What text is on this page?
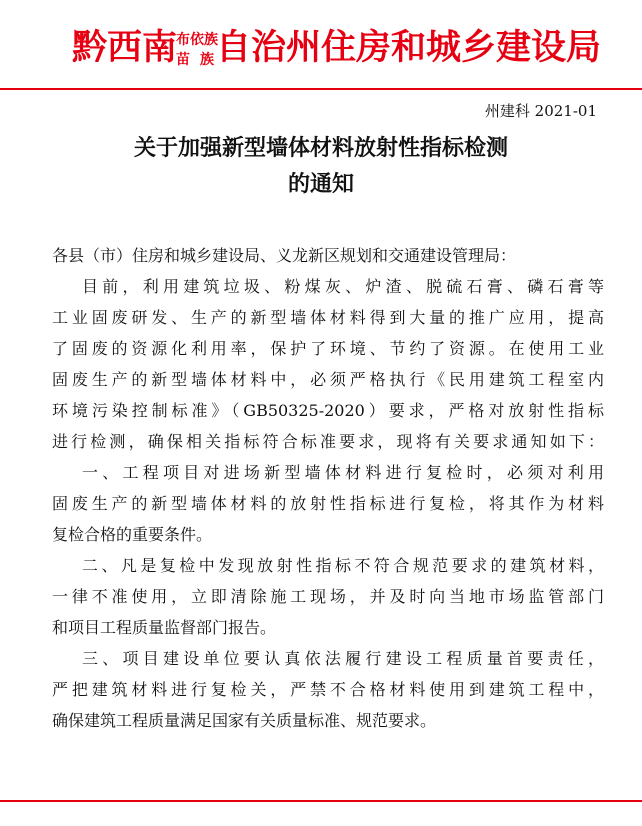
黔西南
布依族
苗族
自治州住房和城乡建设局
州建科 2021-01
关于加强新型墙体材料放射性指标检测
的通知
各县（市）住房和城乡建设局、义龙新区规划和交通建设管理局：
目前，利用建筑垃圾、粉煤灰、炉渣、脱硫石膏、磷石膏等
工业固废研发、生产的新型墙体材料得到大量的推广应用，提高
了固废的资源化利用率，保护了环境、节约了资源。在使用工业
固废生产的新型墙体材料中，必须严格执行《民用建筑工程室内
环境污染控制标准》（GB50325-2020）要求，严格对放射性指标
进行检测，确保相关指标符合标准要求，现将有关要求通知如下：
一、工程项目对进场新型墙体材料进行复检时，必须对利用
固废生产的新型墙体材料的放射性指标进行复检，将其作为材料
复检合格的重要条件。
二、凡是复检中发现放射性指标不符合规范要求的建筑材料，
一律不准使用，立即清除施工现场，并及时向当地市场监管部门
和项目工程质量监督部门报告。
三、项目建设单位要认真依法履行建设工程质量首要责任，
严把建筑材料进行复检关，严禁不合格材料使用到建筑工程中，
确保建筑工程质量满足国家有关质量标准、规范要求。
